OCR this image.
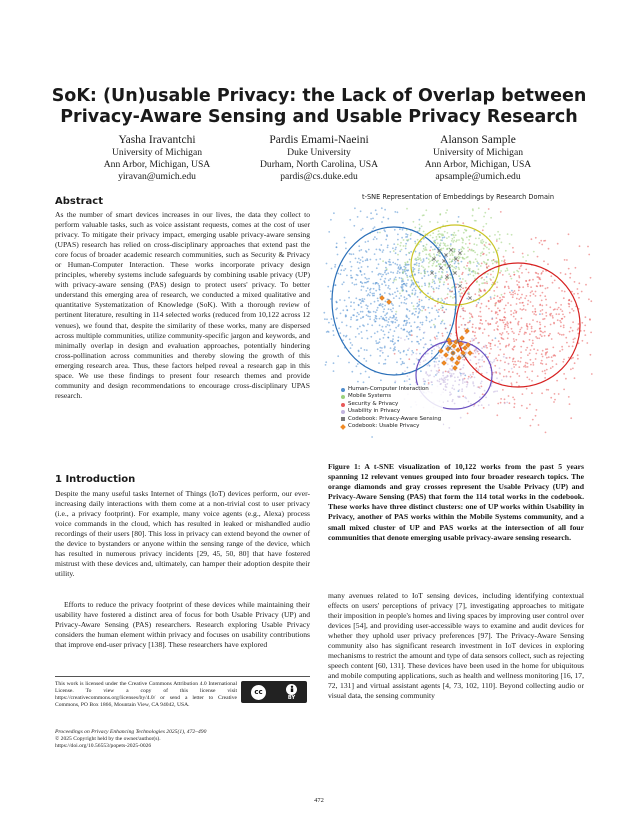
SoK: (Un)usable Privacy: the Lack of Overlap between
Privacy-Aware Sensing and Usable Privacy Research
Yasha Iravantchi
University of Michigan
Ann Arbor, Michigan, USA
yiravan@umich.edu
Pardis Emami-Naeini
Duke University
Durham, North Carolina, USA
pardis@cs.duke.edu
Alanson Sample
University of Michigan
Ann Arbor, Michigan, USA
apsample@umich.edu
Abstract
As the number of smart devices increases in our lives, the data they collect to perform valuable tasks, such as voice assistant requests, comes at the cost of user privacy. To mitigate their privacy impact, emerging usable privacy-aware sensing (UPAS) research has relied on cross-disciplinary approaches that extend past the core focus of broader academic research communities, such as Security & Privacy or Human-Computer Interaction. These works incorporate privacy design principles, whereby systems include safeguards by combining usable privacy (UP) with privacy-aware sensing (PAS) design to protect users' privacy. To better understand this emerging area of research, we conducted a mixed qualitative and quantitative Systematization of Knowledge (SoK). With a thorough review of pertinent literature, resulting in 114 selected works (reduced from 10,122 across 12 venues), we found that, despite the similarity of these works, many are dispersed across multiple communities, utilize community-specific jargon and keywords, and minimally overlap in design and evaluation approaches, potentially hindering cross-pollination across communities and thereby slowing the growth of this emerging research area. Thus, these factors helped reveal a research gap in this space. We use these findings to present four research themes and provide community and design recommendations to encourage cross-disciplinary UPAS research.
1 Introduction
Despite the many useful tasks Internet of Things (IoT) devices perform, our ever-increasing daily interactions with them come at a non-trivial cost to user privacy (i.e., a privacy footprint). For example, many voice agents (e.g., Alexa) process voice commands in the cloud, which has resulted in leaked or mishandled audio recordings of their users [80]. This loss in privacy can extend beyond the owner of the device to bystanders or anyone within the sensing range of the device, which has resulted in numerous privacy incidents [29, 45, 50, 80] that have fostered mistrust with these devices and, ultimately, can hamper their adoption despite their utility.
Efforts to reduce the privacy footprint of these devices while maintaining their usability have fostered a distinct area of focus for both Usable Privacy (UP) and Privacy-Aware Sensing (PAS) researchers. Research exploring Usable Privacy considers the human element within privacy and focuses on usability contributions that improve end-user privacy [138]. These researchers have explored
This work is licensed under the Creative Commons Attribution 4.0 International License. To view a copy of this license visit https://creativecommons.org/licenses/by/4.0/ or send a letter to Creative Commons, PO Box 1866, Mountain View, CA 94042, USA.
cc
BY
Proceedings on Privacy Enhancing Technologies 2025(1), 472–490
© 2025 Copyright held by the owner/author(s).
https://doi.org/10.56553/popets-2025-0026
t-SNE Representation of Embeddings by Research Domain
Human-Computer Interaction
Mobile Systems
Security & Privacy
Usability in Privacy
Codebook: Privacy-Aware Sensing
Codebook: Usable Privacy
Figure 1: A t-SNE visualization of 10,122 works from the past 5 years spanning 12 relevant venues grouped into four broader research topics. The orange diamonds and gray crosses represent the Usable Privacy (UP) and Privacy-Aware Sensing (PAS) that form the 114 total works in the codebook. These works have three distinct clusters: one of UP works within Usability in Privacy, another of PAS works within the Mobile Systems community, and a small mixed cluster of UP and PAS works at the intersection of all four communities that denote emerging usable privacy-aware sensing research.
many avenues related to IoT sensing devices, including identifying contextual effects on users' perceptions of privacy [7], investigating approaches to mitigate their imposition in people's homes and living spaces by improving user control over devices [54], and providing user-accessible ways to examine and audit devices for whether they uphold user privacy preferences [97]. The Privacy-Aware Sensing community also has significant research investment in IoT devices in exploring mechanisms to restrict the amount and type of data sensors collect, such as rejecting speech content [60, 131]. These devices have been used in the home for ubiquitous and mobile computing applications, such as health and wellness monitoring [16, 17, 72, 131] and virtual assistant agents [4, 73, 102, 110]. Beyond collecting audio or visual data, the sensing community
472
